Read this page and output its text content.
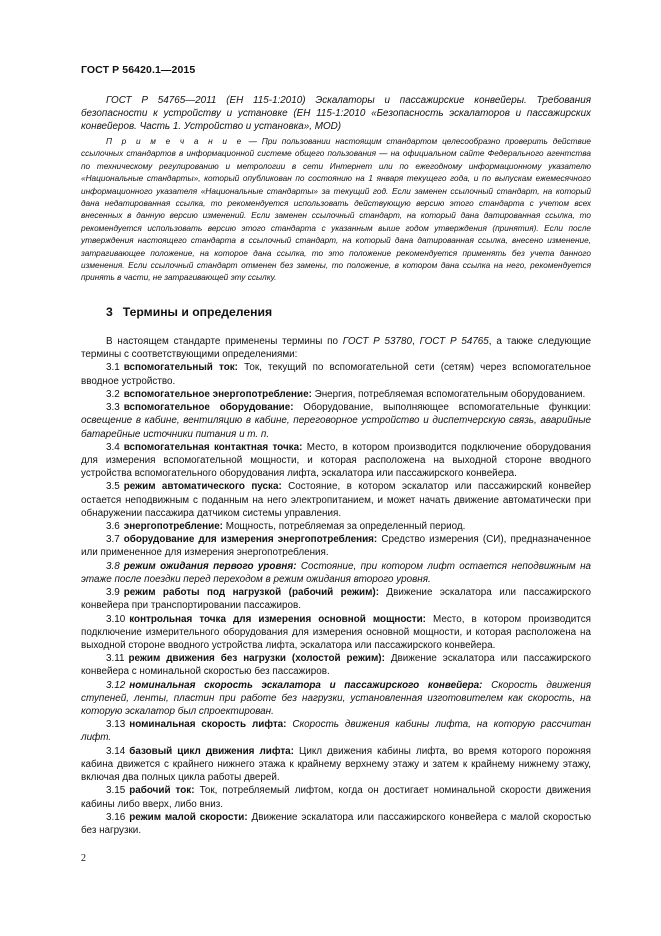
ГОСТ Р 56420.1—2015
ГОСТ Р 54765—2011 (ЕН 115-1:2010) Эскалаторы и пассажирские конвейеры. Требования безопасности к устройству и установке (ЕН 115-1:2010 «Безопасность эскалаторов и пассажирских конвейеров. Часть 1. Устройство и установка», MOD)
П р и м е ч а н и е — При пользовании настоящим стандартом целесообразно проверить действие ссылочных стандартов в информационной системе общего пользования — на официальном сайте Федерального агентства по техническому регулированию и метрологии в сети Интернет или по ежегодному информационному указателю «Национальные стандарты», который опубликован по состоянию на 1 января текущего года, и по выпускам ежемесячного информационного указателя «Национальные стандарты» за текущий год. Если заменен ссылочный стандарт, на который дана недатированная ссылка, то рекомендуется использовать действующую версию этого стандарта с учетом всех внесенных в данную версию изменений. Если заменен ссылочный стандарт, на который дана датированная ссылка, то рекомендуется использовать версию этого стандарта с указанным выше годом утверждения (принятия). Если после утверждения настоящего стандарта в ссылочный стандарт, на который дана датированная ссылка, внесено изменение, затрагивающее положение, на которое дана ссылка, то это положение рекомендуется применять без учета данного изменения. Если ссылочный стандарт отменен без замены, то положение, в котором дана ссылка на него, рекомендуется принять в части, не затрагивающей эту ссылку.
3 Термины и определения

В настоящем стандарте применены термины по ГОСТ Р 53780, ГОСТ Р 54765, а также следующие термины с соответствующими определениями:

3.1 вспомогательный ток: Ток, текущий по вспомогательной сети (сетям) через вспомогательное вводное устройство.

3.2 вспомогательное энергопотребление: Энергия, потребляемая вспомогательным оборудованием.

3.3 вспомогательное оборудование: Оборудование, выполняющее вспомогательные функции: освещение в кабине, вентиляцию в кабине, переговорное устройство и диспетчерскую связь, аварийные батарейные источники питания и т. п.

3.4 вспомогательная контактная точка: Место, в котором производится подключение оборудования для измерения вспомогательной мощности, и которая расположена на выходной стороне вводного устройства вспомогательного оборудования лифта, эскалатора или пассажирского конвейера.

3.5 режим автоматического пуска: Состояние, в котором эскалатор или пассажирский конвейер остается неподвижным с поданным на него электропитанием, и может начать движение автоматически при обнаружении пассажира датчиком системы управления.

3.6 энергопотребление: Мощность, потребляемая за определенный период.

3.7 оборудование для измерения энергопотребления: Средство измерения (СИ), предназначенное или примененное для измерения энергопотребления.

3.8 режим ожидания первого уровня: Состояние, при котором лифт остается неподвижным на этаже после поездки перед переходом в режим ожидания второго уровня.

3.9 режим работы под нагрузкой (рабочий режим): Движение эскалатора или пассажирского конвейера при транспортировании пассажиров.

3.10 контрольная точка для измерения основной мощности: Место, в котором производится подключение измерительного оборудования для измерения основной мощности, и которая расположена на выходной стороне вводного устройства лифта, эскалатора или пассажирского конвейера.

3.11 режим движения без нагрузки (холостой режим): Движение эскалатора или пассажирского конвейера с номинальной скоростью без пассажиров.

3.12 номинальная скорость эскалатора и пассажирского конвейера: Скорость движения ступеней, ленты, пластин при работе без нагрузки, установленная изготовителем как скорость, на которую эскалатор был спроектирован.

3.13 номинальная скорость лифта: Скорость движения кабины лифта, на которую рассчитан лифт.

3.14 базовый цикл движения лифта: Цикл движения кабины лифта, во время которого порожняя кабина движется с крайнего нижнего этажа к крайнему верхнему этажу и затем к крайнему нижнему этажу, включая два полных цикла работы дверей.

3.15 рабочий ток: Ток, потребляемый лифтом, когда он достигает номинальной скорости движения кабины либо вверх, либо вниз.

3.16 режим малой скорости: Движение эскалатора или пассажирского конвейера с малой скоростью без нагрузки.

2
